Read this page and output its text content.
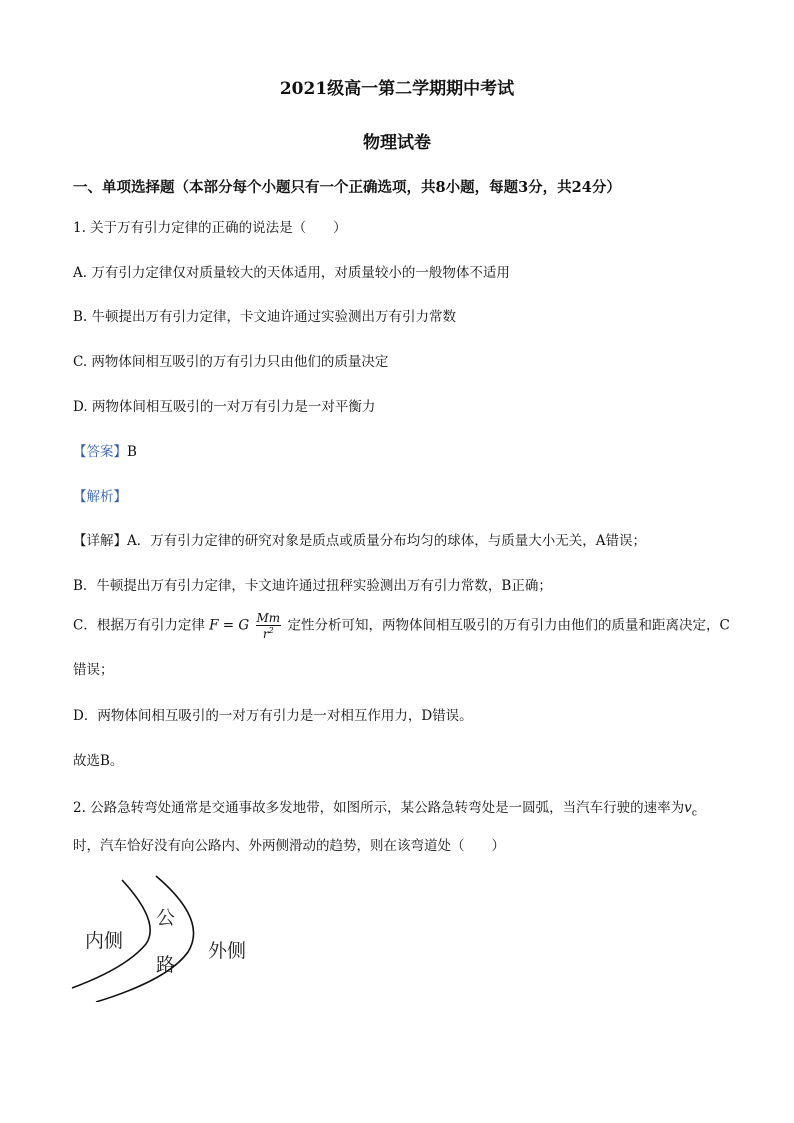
2021级高一第二学期期中考试
物理试卷
一、单项选择题（本部分每个小题只有一个正确选项，共8小题，每题3分，共24分）
1. 关于万有引力定律的正确的说法是（　　）
A. 万有引力定律仅对质量较大的天体适用，对质量较小的一般物体不适用
B. 牛顿提出万有引力定律，卡文迪许通过实验测出万有引力常数
C. 两物体间相互吸引的万有引力只由他们的质量决定
D. 两物体间相互吸引的一对万有引力是一对平衡力
【答案】B
【解析】
【详解】A．万有引力定律的研究对象是质点或质量分布均匀的球体，与质量大小无关，A错误；
B．牛顿提出万有引力定律，卡文迪许通过扭秤实验测出万有引力常数，B正确；
C．根据万有引力定律 F = G $\frac{Mm}{r^2}$ 定性分析可知，两物体间相互吸引的万有引力由他们的质量和距离决定，C
错误；
D．两物体间相互吸引的一对万有引力是一对相互作用力，D错误。
故选B。
2. 公路急转弯处通常是交通事故多发地带，如图所示，某公路急转弯处是一圆弧，当汽车行驶的速率为$v_c$
时，汽车恰好没有向公路内、外两侧滑动的趋势，则在该弯道处（　　）
内侧
公
路
外侧
